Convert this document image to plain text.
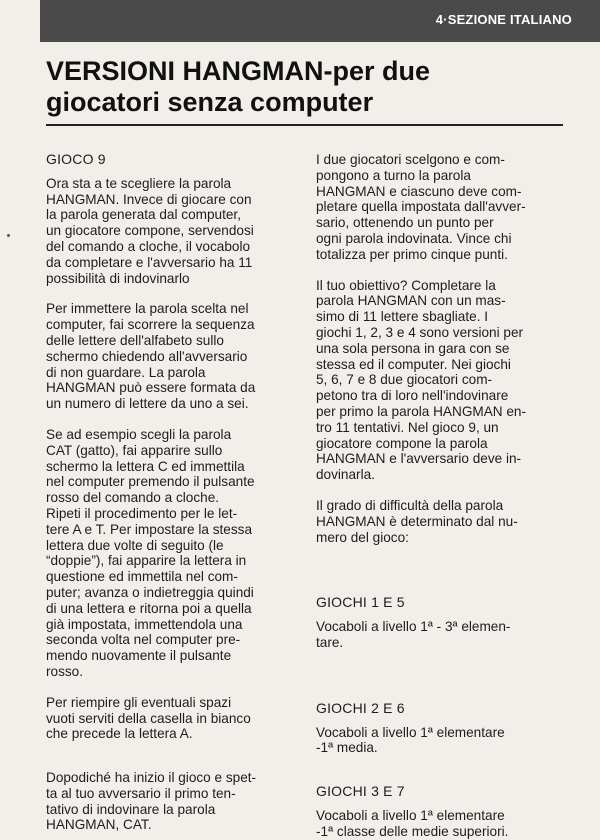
4·SEZIONE ITALIANO
VERSIONI HANGMAN-per due
giocatori senza computer

GIOCO 9

Ora sta a te scegliere la parola
HANGMAN. Invece di giocare con
la parola generata dal computer,
un giocatore compone, servendosi
del comando a cloche, il vocabolo
da completare e l'avversario ha 11
possibilità di indovinarlo

Per immettere la parola scelta nel
computer, fai scorrere la sequenza
delle lettere dell'alfabeto sullo
schermo chiedendo all'avversario
di non guardare. La parola
HANGMAN può essere formata da
un numero di lettere da uno a sei.

Se ad esempio scegli la parola
CAT (gatto), fai apparire sullo
schermo la lettera C ed immettila
nel computer premendo il pulsante
rosso del comando a cloche.
Ripeti il procedimento per le let-
tere A e T. Per impostare la stessa
lettera due volte di seguito (le
“doppie”), fai apparire la lettera in
questione ed immettila nel com-
puter; avanza o indietreggia quindi
di una lettera e ritorna poi a quella
già impostata, immettendola una
seconda volta nel computer pre-
mendo nuovamente il pulsante
rosso.

Per riempire gli eventuali spazi
vuoti serviti della casella in bianco
che precede la lettera A.

Dopodiché ha inizio il gioco e spet-
ta al tuo avversario il primo ten-
tativo di indovinare la parola
HANGMAN, CAT.

I due giocatori scelgono e com-
pongono a turno la parola
HANGMAN e ciascuno deve com-
pletare quella impostata dall'avver-
sario, ottenendo un punto per
ogni parola indovinata. Vince chi
totalizza per primo cinque punti.

Il tuo obiettivo? Completare la
parola HANGMAN con un mas-
simo di 11 lettere sbagliate. I
giochi 1, 2, 3 e 4 sono versioni per
una sola persona in gara con se
stessa ed il computer. Nei giochi
5, 6, 7 e 8 due giocatori com-
petono tra di loro nell'indovinare
per primo la parola HANGMAN en-
tro 11 tentativi. Nel gioco 9, un
giocatore compone la parola
HANGMAN e l'avversario deve in-
dovinarla.

Il grado di difficultà della parola
HANGMAN è determinato dal nu-
mero del gioco:

GIOCHI 1 E 5

Vocaboli a livello 1ª - 3ª elemen-
tare.

GIOCHI 2 E 6

Vocaboli a livello 1ª elementare
-1ª media.

GIOCHI 3 E 7

Vocaboli a livello 1ª elementare
-1ª classe delle medie superiori.
